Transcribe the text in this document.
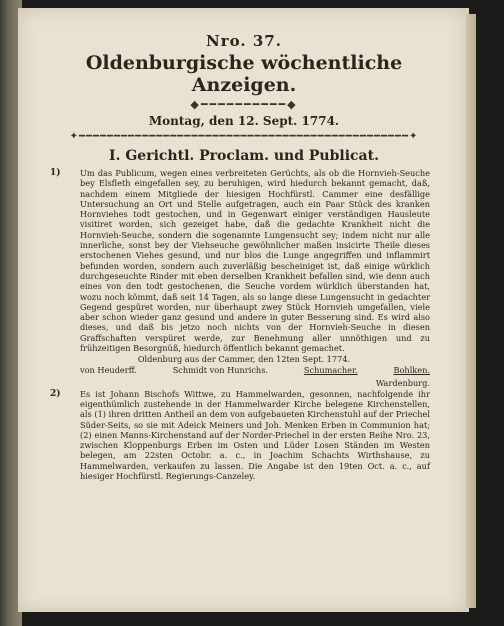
Nro. 37.
Oldenburgische wöchentliche Anzeigen.
◆━━━━━━━━━━◆
Montag, den 12. Sept. 1774.
✦━━━━━━━━━━━━━━━━━━━━━━━━━━━━━━━━━━━━━━━━━━━━━━━✦
I. Gerichtl. Proclam. und Publicat.
1) Um das Publicum, wegen eines verbreiteten Gerüchts, als ob die Hornvieh-Seuche bey Elsfleth eingefallen sey, zu beruhigen, wird hiedurch bekannt gemacht, daß, nachdem einem Mitgliede der hiesigen Hochfürstl. Cammer eine desfällige Untersuchung an Ort und Stelle aufgetragen, auch ein Paar Stück des kranken Hornviehes todt gestochen, und in Gegenwart einiger verständigen Hausleute visitiret worden, sich gezeiget habe, daß die gedachte Krankheit nicht die Hornvieh-Seuche, sondern die sogenannte Lungensucht sey; indem nicht nur alle innerliche, sonst bey der Viehseuche gewöhnlicher maßen insicirte Theile dieses erstochenen Viehes gesund, und nur blos die Lunge angegriffen und inflammirt befunden worden, sondern auch zuverläßig bescheiniget ist, daß einige würklich durchgeseuchte Rinder mit eben derselben Krankheit befallen sind, wie denn auch eines von den todt gestochenen, die Seuche vordem würklich überstanden hat, wozu noch kömmt, daß seit 14 Tagen, als so lange diese Lungensucht in gedachter Gegend gespüret worden, nur überhaupt zwey Stück Hornvieh umgefallen, viele aber schon wieder ganz gesund und andere in guter Besserung sind. Es wird also dieses, und daß bis jetzo noch nichts von der Hornvieh-Seuche in diesen Graffschaften verspüret werde, zur Benehmung aller unnöthigen und zu frühzeitigen Besorgnüß, hiedurch öffentlich bekannt gemachet.
Oldenburg aus der Cammer, den 12ten Sept. 1774.
von Heuderff.	Schmidt von Hunrichs.	Schumacher.	Bohlken.
Wardenburg.
2) Es ist Johann Bischofs Wittwe, zu Hammelwarden, gesonnen, nachfolgende ihr eigenthümlich zustehende in der Hammelwarder Kirche belegene Kirchenstellen, als (1) ihren dritten Antheil an dem von aufgebaueten Kirchenstuhl auf der Priechel Süder-Seits, so sie mit Adeick Meiners und Joh. Menken Erben in Communion hat; (2) einen Manns-Kirchenstand auf der Norder-Priechel in der ersten Reihe Nro. 23, zwischen Kloppenburgs Erben im Osten und Lüder Losen Ständen im Westen belegen, am 22sten Octobr. a. c., in Joachim Schachts Wirthshause, zu Hammelwarden, verkaufen zu lassen. Die Angabe ist den 19ten Oct. a. c., auf hiesiger Hochfürstl. Regierungs-Canzeley.
